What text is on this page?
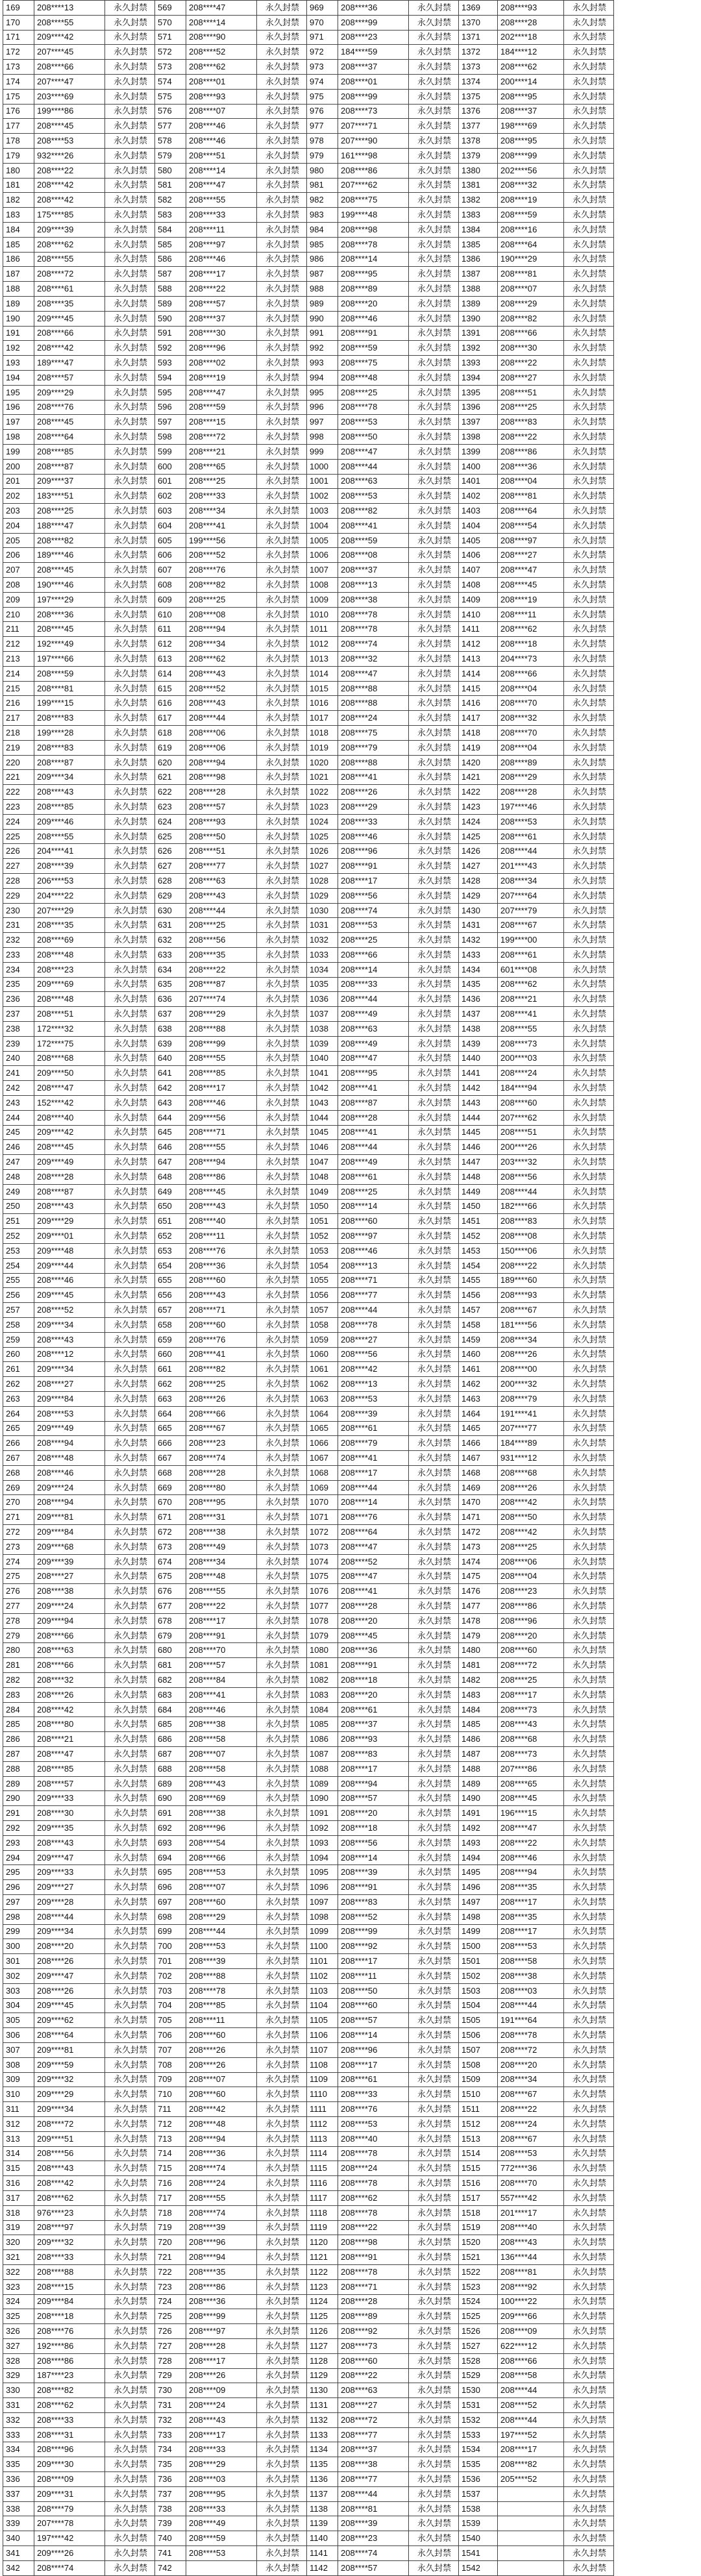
169	208****13	永久封禁	569	208****47	永久封禁	969	208****36	永久封禁	1369	208****93	永久封禁
170	208****55	永久封禁	570	208****14	永久封禁	970	208****99	永久封禁	1370	208****28	永久封禁
171	209****42	永久封禁	571	208****90	永久封禁	971	208****23	永久封禁	1371	202****18	永久封禁
172	207****45	永久封禁	572	208****52	永久封禁	972	184****59	永久封禁	1372	184****12	永久封禁
173	208****66	永久封禁	573	208****62	永久封禁	973	208****37	永久封禁	1373	208****62	永久封禁
174	207****47	永久封禁	574	208****01	永久封禁	974	208****01	永久封禁	1374	200****14	永久封禁
175	203****69	永久封禁	575	208****93	永久封禁	975	208****99	永久封禁	1375	208****95	永久封禁
176	199****86	永久封禁	576	208****07	永久封禁	976	208****73	永久封禁	1376	208****37	永久封禁
177	208****45	永久封禁	577	208****46	永久封禁	977	207****71	永久封禁	1377	198****69	永久封禁
178	208****53	永久封禁	578	208****46	永久封禁	978	207****90	永久封禁	1378	208****95	永久封禁
179	932****26	永久封禁	579	208****51	永久封禁	979	161****98	永久封禁	1379	208****99	永久封禁
180	208****22	永久封禁	580	208****14	永久封禁	980	208****86	永久封禁	1380	202****56	永久封禁
181	208****42	永久封禁	581	208****47	永久封禁	981	207****62	永久封禁	1381	208****32	永久封禁
182	208****42	永久封禁	582	208****55	永久封禁	982	208****75	永久封禁	1382	208****19	永久封禁
183	175****85	永久封禁	583	208****33	永久封禁	983	199****48	永久封禁	1383	208****59	永久封禁
184	209****39	永久封禁	584	208****11	永久封禁	984	208****98	永久封禁	1384	208****16	永久封禁
185	208****62	永久封禁	585	208****97	永久封禁	985	208****78	永久封禁	1385	208****64	永久封禁
186	208****55	永久封禁	586	208****46	永久封禁	986	208****14	永久封禁	1386	190****29	永久封禁
187	208****72	永久封禁	587	208****17	永久封禁	987	208****95	永久封禁	1387	208****81	永久封禁
188	208****61	永久封禁	588	208****22	永久封禁	988	208****89	永久封禁	1388	208****07	永久封禁
189	208****35	永久封禁	589	208****57	永久封禁	989	208****20	永久封禁	1389	208****29	永久封禁
190	209****45	永久封禁	590	208****37	永久封禁	990	208****46	永久封禁	1390	208****82	永久封禁
191	208****66	永久封禁	591	208****30	永久封禁	991	208****91	永久封禁	1391	208****66	永久封禁
192	208****42	永久封禁	592	208****96	永久封禁	992	208****59	永久封禁	1392	208****30	永久封禁
193	189****47	永久封禁	593	208****02	永久封禁	993	208****75	永久封禁	1393	208****22	永久封禁
194	208****57	永久封禁	594	208****19	永久封禁	994	208****48	永久封禁	1394	208****27	永久封禁
195	209****29	永久封禁	595	208****47	永久封禁	995	208****25	永久封禁	1395	208****51	永久封禁
196	208****76	永久封禁	596	208****59	永久封禁	996	208****78	永久封禁	1396	208****25	永久封禁
197	208****45	永久封禁	597	208****15	永久封禁	997	208****53	永久封禁	1397	208****83	永久封禁
198	208****64	永久封禁	598	208****72	永久封禁	998	208****50	永久封禁	1398	208****22	永久封禁
199	208****85	永久封禁	599	208****21	永久封禁	999	208****47	永久封禁	1399	208****86	永久封禁
200	208****87	永久封禁	600	208****65	永久封禁	1000	208****44	永久封禁	1400	208****36	永久封禁
201	209****37	永久封禁	601	208****25	永久封禁	1001	208****63	永久封禁	1401	208****04	永久封禁
202	183****51	永久封禁	602	208****33	永久封禁	1002	208****53	永久封禁	1402	208****81	永久封禁
203	208****25	永久封禁	603	208****34	永久封禁	1003	208****82	永久封禁	1403	208****64	永久封禁
204	188****47	永久封禁	604	208****41	永久封禁	1004	208****41	永久封禁	1404	208****54	永久封禁
205	208****82	永久封禁	605	199****56	永久封禁	1005	208****59	永久封禁	1405	208****97	永久封禁
206	189****46	永久封禁	606	208****52	永久封禁	1006	208****08	永久封禁	1406	208****27	永久封禁
207	208****45	永久封禁	607	208****76	永久封禁	1007	208****37	永久封禁	1407	208****47	永久封禁
208	190****46	永久封禁	608	208****82	永久封禁	1008	208****13	永久封禁	1408	208****45	永久封禁
209	197****29	永久封禁	609	208****25	永久封禁	1009	208****38	永久封禁	1409	208****19	永久封禁
210	208****36	永久封禁	610	208****08	永久封禁	1010	208****78	永久封禁	1410	208****11	永久封禁
211	208****45	永久封禁	611	208****94	永久封禁	1011	208****78	永久封禁	1411	208****62	永久封禁
212	192****49	永久封禁	612	208****34	永久封禁	1012	208****74	永久封禁	1412	208****18	永久封禁
213	197****66	永久封禁	613	208****62	永久封禁	1013	208****32	永久封禁	1413	204****73	永久封禁
214	208****59	永久封禁	614	208****43	永久封禁	1014	208****47	永久封禁	1414	208****66	永久封禁
215	208****81	永久封禁	615	208****52	永久封禁	1015	208****88	永久封禁	1415	208****04	永久封禁
216	199****15	永久封禁	616	208****43	永久封禁	1016	208****88	永久封禁	1416	208****70	永久封禁
217	208****83	永久封禁	617	208****44	永久封禁	1017	208****24	永久封禁	1417	208****32	永久封禁
218	199****28	永久封禁	618	208****06	永久封禁	1018	208****75	永久封禁	1418	208****70	永久封禁
219	208****83	永久封禁	619	208****06	永久封禁	1019	208****79	永久封禁	1419	208****04	永久封禁
220	208****87	永久封禁	620	208****94	永久封禁	1020	208****88	永久封禁	1420	208****89	永久封禁
221	209****34	永久封禁	621	208****98	永久封禁	1021	208****41	永久封禁	1421	208****29	永久封禁
222	208****43	永久封禁	622	208****28	永久封禁	1022	208****26	永久封禁	1422	208****28	永久封禁
223	208****85	永久封禁	623	208****57	永久封禁	1023	208****29	永久封禁	1423	197****46	永久封禁
224	209****46	永久封禁	624	208****93	永久封禁	1024	208****33	永久封禁	1424	208****53	永久封禁
225	208****55	永久封禁	625	208****50	永久封禁	1025	208****46	永久封禁	1425	208****61	永久封禁
226	204****41	永久封禁	626	208****51	永久封禁	1026	208****96	永久封禁	1426	208****44	永久封禁
227	208****39	永久封禁	627	208****77	永久封禁	1027	208****91	永久封禁	1427	201****43	永久封禁
228	206****53	永久封禁	628	208****63	永久封禁	1028	208****17	永久封禁	1428	208****34	永久封禁
229	204****22	永久封禁	629	208****43	永久封禁	1029	208****56	永久封禁	1429	207****64	永久封禁
230	207****29	永久封禁	630	208****44	永久封禁	1030	208****74	永久封禁	1430	207****79	永久封禁
231	208****35	永久封禁	631	208****25	永久封禁	1031	208****53	永久封禁	1431	208****67	永久封禁
232	208****69	永久封禁	632	208****56	永久封禁	1032	208****25	永久封禁	1432	199****00	永久封禁
233	208****48	永久封禁	633	208****35	永久封禁	1033	208****66	永久封禁	1433	208****61	永久封禁
234	208****23	永久封禁	634	208****22	永久封禁	1034	208****14	永久封禁	1434	601****08	永久封禁
235	209****69	永久封禁	635	208****87	永久封禁	1035	208****33	永久封禁	1435	208****62	永久封禁
236	208****48	永久封禁	636	207****74	永久封禁	1036	208****44	永久封禁	1436	208****21	永久封禁
237	208****51	永久封禁	637	208****29	永久封禁	1037	208****49	永久封禁	1437	208****41	永久封禁
238	172****32	永久封禁	638	208****88	永久封禁	1038	208****63	永久封禁	1438	208****55	永久封禁
239	172****75	永久封禁	639	208****99	永久封禁	1039	208****49	永久封禁	1439	208****73	永久封禁
240	208****68	永久封禁	640	208****55	永久封禁	1040	208****47	永久封禁	1440	200****03	永久封禁
241	209****50	永久封禁	641	208****85	永久封禁	1041	208****95	永久封禁	1441	208****24	永久封禁
242	208****47	永久封禁	642	208****17	永久封禁	1042	208****41	永久封禁	1442	184****94	永久封禁
243	152****42	永久封禁	643	208****46	永久封禁	1043	208****87	永久封禁	1443	208****60	永久封禁
244	208****40	永久封禁	644	209****56	永久封禁	1044	208****28	永久封禁	1444	207****62	永久封禁
245	209****42	永久封禁	645	208****71	永久封禁	1045	208****41	永久封禁	1445	208****51	永久封禁
246	208****45	永久封禁	646	208****55	永久封禁	1046	208****44	永久封禁	1446	200****26	永久封禁
247	209****49	永久封禁	647	208****94	永久封禁	1047	208****49	永久封禁	1447	203****32	永久封禁
248	208****28	永久封禁	648	208****86	永久封禁	1048	208****61	永久封禁	1448	208****56	永久封禁
249	208****87	永久封禁	649	208****45	永久封禁	1049	208****25	永久封禁	1449	208****44	永久封禁
250	208****43	永久封禁	650	208****43	永久封禁	1050	208****14	永久封禁	1450	182****66	永久封禁
251	209****29	永久封禁	651	208****40	永久封禁	1051	208****60	永久封禁	1451	208****83	永久封禁
252	209****01	永久封禁	652	208****11	永久封禁	1052	208****97	永久封禁	1452	208****08	永久封禁
253	209****48	永久封禁	653	208****76	永久封禁	1053	208****46	永久封禁	1453	150****06	永久封禁
254	209****44	永久封禁	654	208****36	永久封禁	1054	208****13	永久封禁	1454	208****22	永久封禁
255	208****46	永久封禁	655	208****60	永久封禁	1055	208****71	永久封禁	1455	189****60	永久封禁
256	209****45	永久封禁	656	208****43	永久封禁	1056	208****77	永久封禁	1456	208****93	永久封禁
257	208****52	永久封禁	657	208****71	永久封禁	1057	208****44	永久封禁	1457	208****67	永久封禁
258	209****34	永久封禁	658	208****60	永久封禁	1058	208****78	永久封禁	1458	181****56	永久封禁
259	208****43	永久封禁	659	208****76	永久封禁	1059	208****27	永久封禁	1459	208****34	永久封禁
260	208****12	永久封禁	660	208****41	永久封禁	1060	208****56	永久封禁	1460	208****26	永久封禁
261	209****34	永久封禁	661	208****82	永久封禁	1061	208****42	永久封禁	1461	208****00	永久封禁
262	208****27	永久封禁	662	208****25	永久封禁	1062	208****13	永久封禁	1462	200****32	永久封禁
263	209****84	永久封禁	663	208****26	永久封禁	1063	208****53	永久封禁	1463	208****79	永久封禁
264	208****53	永久封禁	664	208****66	永久封禁	1064	208****39	永久封禁	1464	191****41	永久封禁
265	209****49	永久封禁	665	208****67	永久封禁	1065	208****61	永久封禁	1465	207****77	永久封禁
266	208****94	永久封禁	666	208****23	永久封禁	1066	208****79	永久封禁	1466	184****89	永久封禁
267	208****48	永久封禁	667	208****74	永久封禁	1067	208****41	永久封禁	1467	931****12	永久封禁
268	208****46	永久封禁	668	208****28	永久封禁	1068	208****17	永久封禁	1468	208****68	永久封禁
269	209****24	永久封禁	669	208****80	永久封禁	1069	208****44	永久封禁	1469	208****26	永久封禁
270	208****94	永久封禁	670	208****95	永久封禁	1070	208****14	永久封禁	1470	208****42	永久封禁
271	209****81	永久封禁	671	208****31	永久封禁	1071	208****76	永久封禁	1471	208****50	永久封禁
272	209****84	永久封禁	672	208****38	永久封禁	1072	208****64	永久封禁	1472	208****42	永久封禁
273	209****68	永久封禁	673	208****49	永久封禁	1073	208****47	永久封禁	1473	208****25	永久封禁
274	209****39	永久封禁	674	208****34	永久封禁	1074	208****52	永久封禁	1474	208****06	永久封禁
275	208****27	永久封禁	675	208****48	永久封禁	1075	208****47	永久封禁	1475	208****04	永久封禁
276	208****38	永久封禁	676	208****55	永久封禁	1076	208****41	永久封禁	1476	208****23	永久封禁
277	209****24	永久封禁	677	208****22	永久封禁	1077	208****28	永久封禁	1477	208****86	永久封禁
278	209****94	永久封禁	678	208****17	永久封禁	1078	208****20	永久封禁	1478	208****96	永久封禁
279	208****66	永久封禁	679	208****91	永久封禁	1079	208****45	永久封禁	1479	208****20	永久封禁
280	208****63	永久封禁	680	208****70	永久封禁	1080	208****36	永久封禁	1480	208****60	永久封禁
281	208****66	永久封禁	681	208****57	永久封禁	1081	208****91	永久封禁	1481	208****72	永久封禁
282	208****32	永久封禁	682	208****84	永久封禁	1082	208****18	永久封禁	1482	208****25	永久封禁
283	208****26	永久封禁	683	208****41	永久封禁	1083	208****20	永久封禁	1483	208****17	永久封禁
284	208****42	永久封禁	684	208****46	永久封禁	1084	208****61	永久封禁	1484	208****73	永久封禁
285	208****80	永久封禁	685	208****38	永久封禁	1085	208****37	永久封禁	1485	208****43	永久封禁
286	208****21	永久封禁	686	208****58	永久封禁	1086	208****93	永久封禁	1486	208****68	永久封禁
287	208****47	永久封禁	687	208****07	永久封禁	1087	208****83	永久封禁	1487	208****73	永久封禁
288	208****85	永久封禁	688	208****58	永久封禁	1088	208****17	永久封禁	1488	207****86	永久封禁
289	208****57	永久封禁	689	208****43	永久封禁	1089	208****94	永久封禁	1489	208****65	永久封禁
290	209****33	永久封禁	690	208****69	永久封禁	1090	208****57	永久封禁	1490	208****45	永久封禁
291	208****30	永久封禁	691	208****38	永久封禁	1091	208****20	永久封禁	1491	196****15	永久封禁
292	209****35	永久封禁	692	208****96	永久封禁	1092	208****18	永久封禁	1492	208****47	永久封禁
293	208****43	永久封禁	693	208****54	永久封禁	1093	208****56	永久封禁	1493	208****22	永久封禁
294	209****47	永久封禁	694	208****66	永久封禁	1094	208****14	永久封禁	1494	208****46	永久封禁
295	209****33	永久封禁	695	208****53	永久封禁	1095	208****39	永久封禁	1495	208****94	永久封禁
296	209****27	永久封禁	696	208****07	永久封禁	1096	208****91	永久封禁	1496	208****35	永久封禁
297	209****28	永久封禁	697	208****60	永久封禁	1097	208****83	永久封禁	1497	208****17	永久封禁
298	208****44	永久封禁	698	208****29	永久封禁	1098	208****52	永久封禁	1498	208****35	永久封禁
299	209****34	永久封禁	699	208****44	永久封禁	1099	208****99	永久封禁	1499	208****17	永久封禁
300	208****20	永久封禁	700	208****53	永久封禁	1100	208****92	永久封禁	1500	208****53	永久封禁
301	208****26	永久封禁	701	208****39	永久封禁	1101	208****17	永久封禁	1501	208****58	永久封禁
302	209****47	永久封禁	702	208****88	永久封禁	1102	208****11	永久封禁	1502	208****38	永久封禁
303	208****26	永久封禁	703	208****78	永久封禁	1103	208****50	永久封禁	1503	208****03	永久封禁
304	209****45	永久封禁	704	208****85	永久封禁	1104	208****60	永久封禁	1504	208****44	永久封禁
305	209****62	永久封禁	705	208****11	永久封禁	1105	208****57	永久封禁	1505	191****64	永久封禁
306	208****64	永久封禁	706	208****60	永久封禁	1106	208****14	永久封禁	1506	208****78	永久封禁
307	209****81	永久封禁	707	208****26	永久封禁	1107	208****96	永久封禁	1507	208****72	永久封禁
308	209****59	永久封禁	708	208****26	永久封禁	1108	208****17	永久封禁	1508	208****20	永久封禁
309	209****32	永久封禁	709	208****07	永久封禁	1109	208****61	永久封禁	1509	208****34	永久封禁
310	209****29	永久封禁	710	208****60	永久封禁	1110	208****33	永久封禁	1510	208****67	永久封禁
311	209****34	永久封禁	711	208****42	永久封禁	1111	208****76	永久封禁	1511	208****22	永久封禁
312	208****72	永久封禁	712	208****48	永久封禁	1112	208****53	永久封禁	1512	208****24	永久封禁
313	209****51	永久封禁	713	208****94	永久封禁	1113	208****40	永久封禁	1513	208****67	永久封禁
314	208****56	永久封禁	714	208****36	永久封禁	1114	208****78	永久封禁	1514	208****53	永久封禁
315	208****43	永久封禁	715	208****74	永久封禁	1115	208****24	永久封禁	1515	772****36	永久封禁
316	208****42	永久封禁	716	208****24	永久封禁	1116	208****78	永久封禁	1516	208****70	永久封禁
317	208****62	永久封禁	717	208****55	永久封禁	1117	208****62	永久封禁	1517	557****42	永久封禁
318	976****23	永久封禁	718	208****74	永久封禁	1118	208****78	永久封禁	1518	201****17	永久封禁
319	208****97	永久封禁	719	208****39	永久封禁	1119	208****22	永久封禁	1519	208****40	永久封禁
320	209****32	永久封禁	720	208****96	永久封禁	1120	208****98	永久封禁	1520	208****43	永久封禁
321	208****33	永久封禁	721	208****94	永久封禁	1121	208****91	永久封禁	1521	136****44	永久封禁
322	208****88	永久封禁	722	208****35	永久封禁	1122	208****78	永久封禁	1522	208****81	永久封禁
323	208****15	永久封禁	723	208****86	永久封禁	1123	208****71	永久封禁	1523	208****92	永久封禁
324	209****84	永久封禁	724	208****36	永久封禁	1124	208****28	永久封禁	1524	100****22	永久封禁
325	208****18	永久封禁	725	208****99	永久封禁	1125	208****89	永久封禁	1525	209****66	永久封禁
326	208****76	永久封禁	726	208****97	永久封禁	1126	208****92	永久封禁	1526	208****09	永久封禁
327	192****86	永久封禁	727	208****28	永久封禁	1127	208****73	永久封禁	1527	622****12	永久封禁
328	208****86	永久封禁	728	208****17	永久封禁	1128	208****60	永久封禁	1528	208****66	永久封禁
329	187****23	永久封禁	729	208****26	永久封禁	1129	208****22	永久封禁	1529	208****58	永久封禁
330	208****82	永久封禁	730	208****09	永久封禁	1130	208****63	永久封禁	1530	208****44	永久封禁
331	208****62	永久封禁	731	208****24	永久封禁	1131	208****27	永久封禁	1531	208****52	永久封禁
332	208****33	永久封禁	732	208****43	永久封禁	1132	208****72	永久封禁	1532	208****44	永久封禁
333	208****31	永久封禁	733	208****17	永久封禁	1133	208****77	永久封禁	1533	197****52	永久封禁
334	208****96	永久封禁	734	208****33	永久封禁	1134	208****37	永久封禁	1534	208****17	永久封禁
335	209****30	永久封禁	735	208****29	永久封禁	1135	208****38	永久封禁	1535	208****82	永久封禁
336	208****09	永久封禁	736	208****03	永久封禁	1136	208****77	永久封禁	1536	205****52	永久封禁
337	209****31	永久封禁	737	208****95	永久封禁	1137	208****44	永久封禁	1537		永久封禁
338	208****79	永久封禁	738	208****33	永久封禁	1138	208****81	永久封禁	1538		永久封禁
339	207****78	永久封禁	739	208****49	永久封禁	1139	208****39	永久封禁	1539		永久封禁
340	197****42	永久封禁	740	208****59	永久封禁	1140	208****23	永久封禁	1540		永久封禁
341	209****26	永久封禁	741	208****53	永久封禁	1141	208****74	永久封禁	1541		永久封禁
342	208****74	永久封禁	742		永久封禁	1142	208****57	永久封禁	1542		永久封禁
